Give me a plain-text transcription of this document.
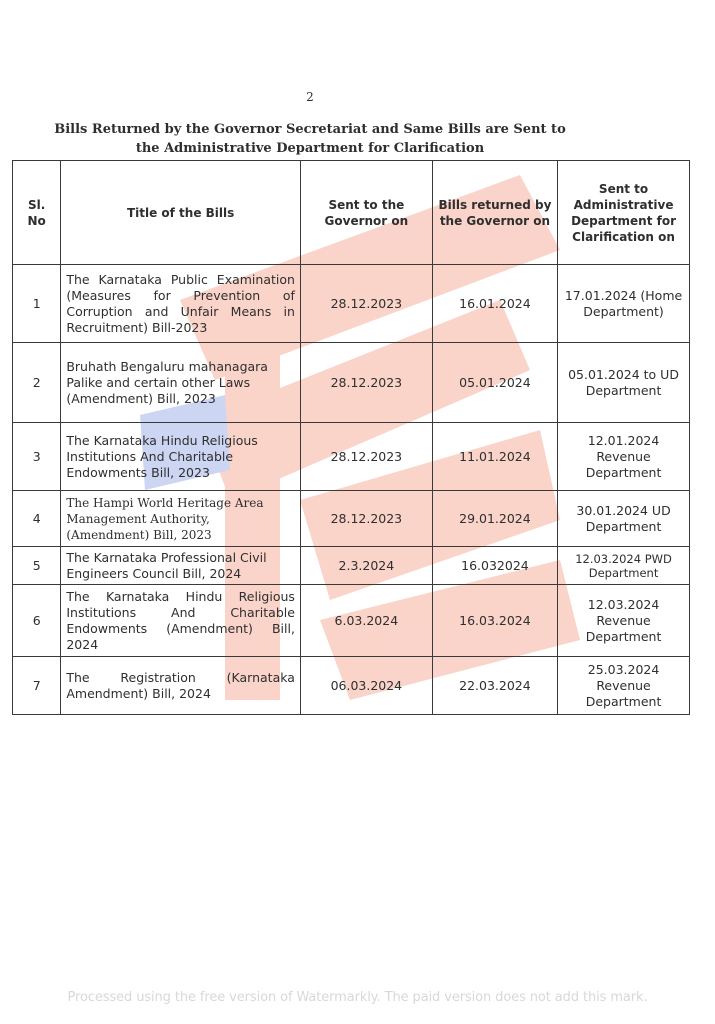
2
Bills Returned by the Governor Secretariat and Same Bills are Sent to
the Administrative Department for Clarification
Sl. No	Title of the Bills	Sent to the Governor on	Bills returned by the Governor on	Sent to Administrative Department for Clarification on
1	The Karnataka Public Examination (Measures for Prevention of Corruption and Unfair Means in Recruitment) Bill-2023	28.12.2023	16.01.2024	17.01.2024 (Home Department)
2	Bruhath Bengaluru mahanagara Palike and certain other Laws (Amendment) Bill, 2023	28.12.2023	05.01.2024	05.01.2024 to UD Department
3	The Karnataka Hindu Religious Institutions And Charitable Endowments Bill, 2023	28.12.2023	11.01.2024	12.01.2024 Revenue Department
4	The Hampi World Heritage Area Management Authority, (Amendment) Bill, 2023	28.12.2023	29.01.2024	30.01.2024 UD Department
5	The Karnataka Professional Civil Engineers Council Bill, 2024	2.3.2024	16.032024	12.03.2024 PWD Department
6	The Karnataka Hindu Religious Institutions And Charitable Endowments (Amendment) Bill, 2024	6.03.2024	16.03.2024	12.03.2024 Revenue Department
7	The Registration (Karnataka Amendment) Bill, 2024	06.03.2024	22.03.2024	25.03.2024 Revenue Department
Processed using the free version of Watermarkly. The paid version does not add this mark.
